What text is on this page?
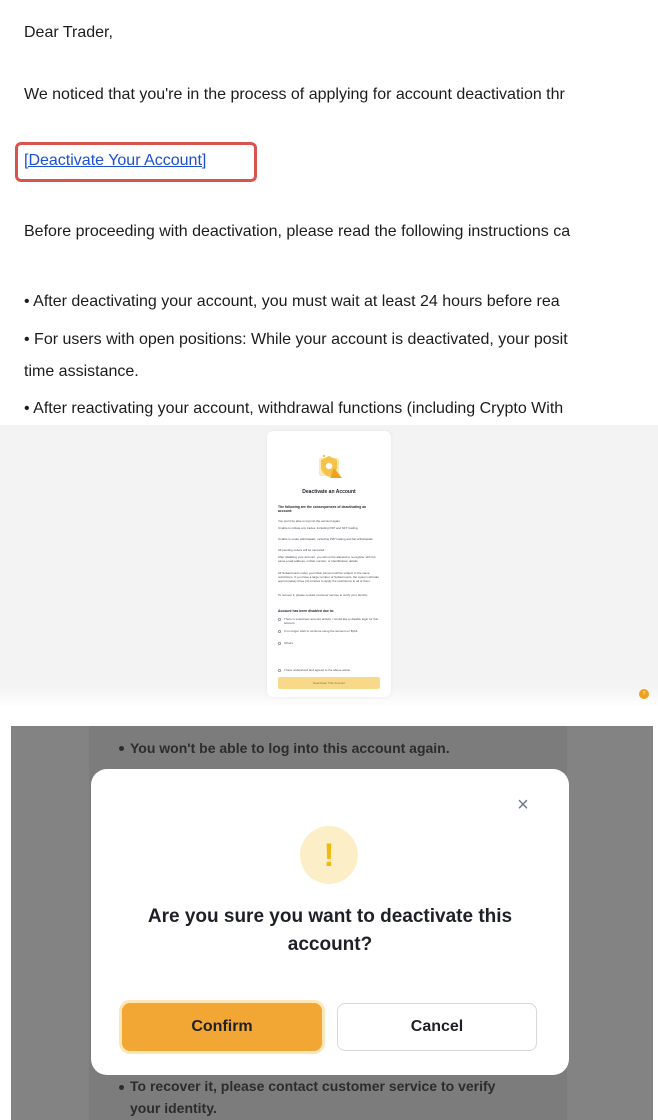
Dear Trader,
We noticed that you're in the process of applying for account deactivation thr
[Deactivate Your Account]
Before proceeding with deactivation, please read the following instructions ca
• After deactivating your account, you must wait at least 24 hours before rea
• For users with open positions: While your account is deactivated, your posit
time assistance.
• After reactivating your account, withdrawal functions (including Crypto With
Deactivate an Account
The following are the consequences of deactivating an account:
You won't be able to log into the account again.
Unable to initiate any trades, including P2P and NFT trading.
Unable to make withdrawals, including P2P trading and fiat withdrawals.
All pending orders will be canceled.
After disabling your account, you will not be allowed to re-register with the same email address, mobile number, or identification details.
All Subaccounts under your Main Account will be subject to the same restrictions. If you have a large number of Subaccounts, the system will take approximately three (3) minutes to apply the restrictions to all of them.
To recover it, please contact customer service to verify your identity.
Account has been disabled due to:
There is suspicious account activity. I would like to disable login for this account.
It no longer wish to continue using the account on Bybit.
Others
I have understood and agreed to the above action.
Deactivate This Account
?
You won't be able to log into this account again.
To recover it, please contact customer service to verify
your identity.
×
!
Are you sure you want to deactivate this
account?
Confirm	Cancel
